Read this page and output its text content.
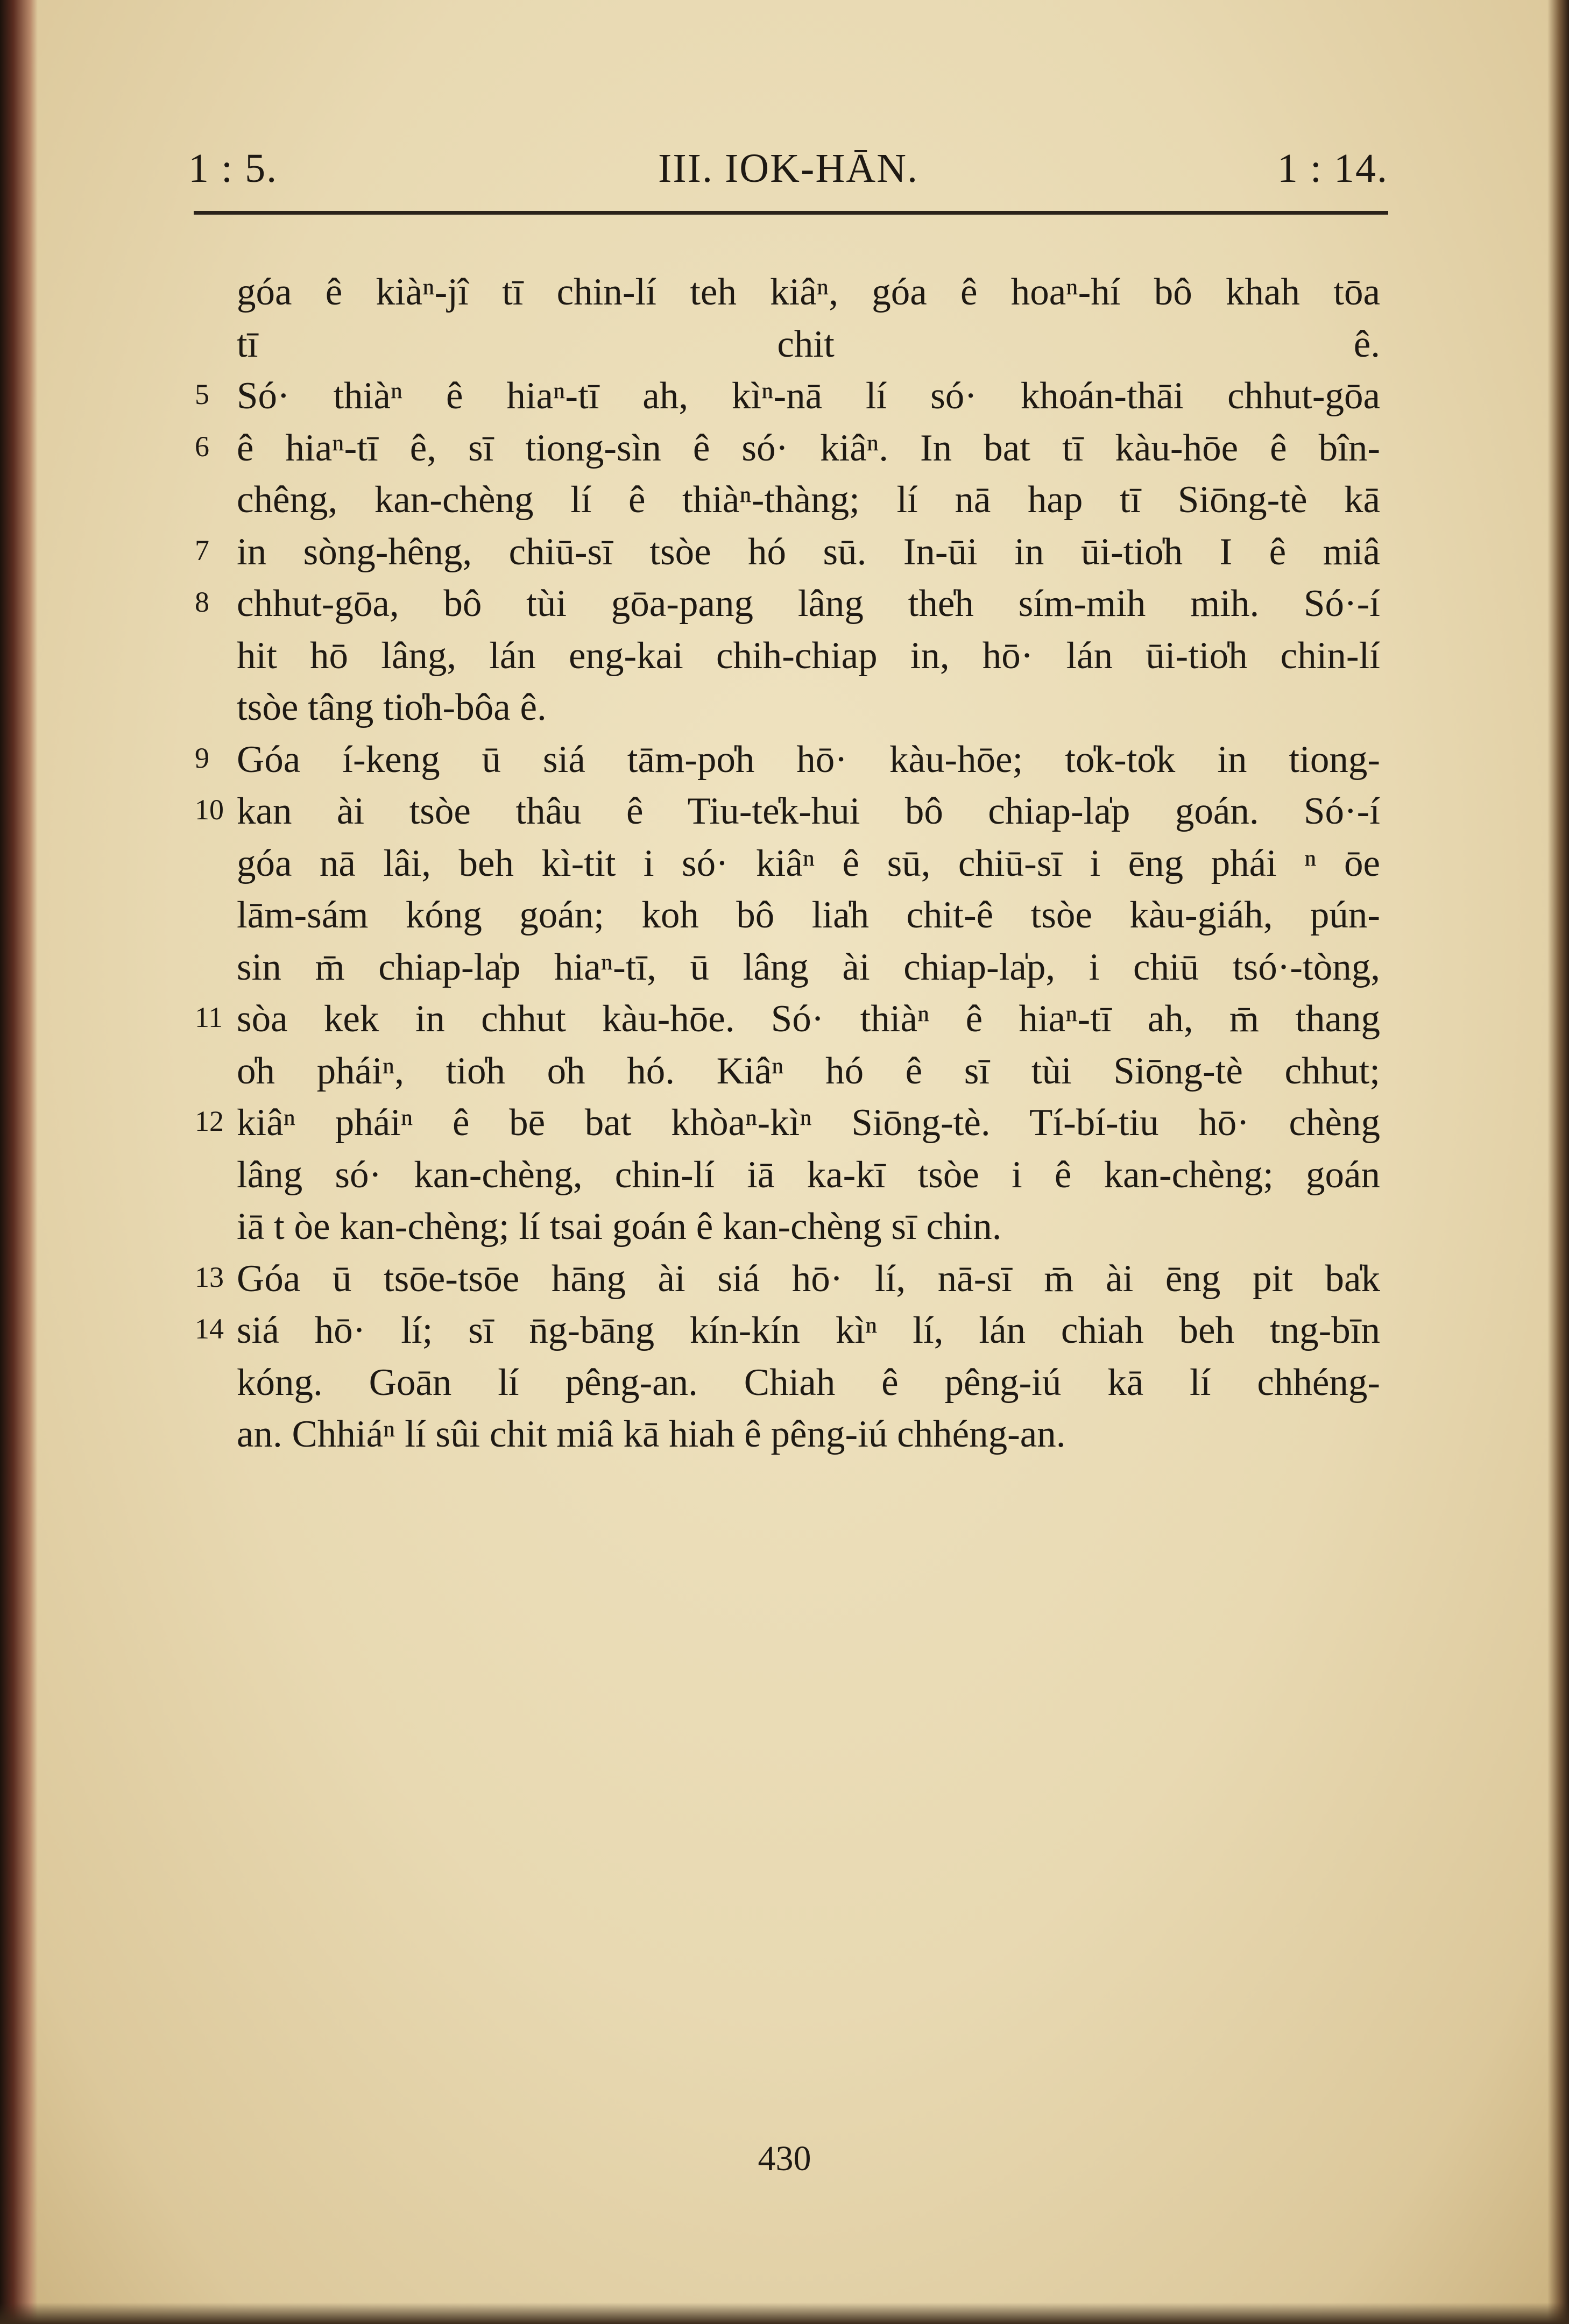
1 : 5.	III. IOK-HĀN.	1 : 14.
góa ê kiàⁿ-jî tī chin-lí teh kiâⁿ, góa ê hoaⁿ-hí bô khah tōa
tī chit ê.
5 Só· thiàⁿ ê hiaⁿ-tī ah, kìⁿ-nā lí só· khoán-thāi chhut-gōa
6 ê hiaⁿ-tī ê, sī tiong-sìn ê só· kiâⁿ. In bat tī kàu-hōe ê bîn-
chêng, kan-chèng lí ê thiàⁿ-thàng; lí nā hap tī Siōng-tè kā
7 in sòng-hêng, chiū-sī tsòe hó sū. In-ūi in ūi-tio̍h I ê miâ
8 chhut-gōa, bô tùi gōa-pang lâng the̍h sím-mih mih. Só·-í
hit hō lâng, lán eng-kai chih-chiap in, hō· lán ūi-tio̍h chin-lí
tsòe tâng tio̍h-bôa ê.
9 Góa í-keng ū siá tām-po̍h hō· kàu-hōe; to̍k-to̍k in tiong-
10 kan ài tsòe thâu ê Tiu-te̍k-hui bô chiap-la̍p goán. Só·-í
góa nā lâi, beh kì-tit i só· kiâⁿ ê sū, chiū-sī i ēng phái ⁿ ōe
lām-sám kóng goán; koh bô lia̍h chit-ê tsòe kàu-giáh, pún-
sin m̄ chiap-la̍p hiaⁿ-tī, ū lâng ài chiap-la̍p, i chiū tsó·-tòng,
11 sòa kek in chhut kàu-hōe. Só· thiàⁿ ê hiaⁿ-tī ah, m̄ thang
o̍h pháiⁿ, tio̍h o̍h hó. Kiâⁿ hó ê sī tùi Siōng-tè chhut;
12 kiâⁿ pháiⁿ ê bē bat khòaⁿ-kìⁿ Siōng-tè. Tí-bí-tiu hō· chèng
lâng só· kan-chèng, chin-lí iā ka-kī tsòe i ê kan-chèng; goán
iā t òe kan-chèng; lí tsai goán ê kan-chèng sī chin.
13 Góa ū tsōe-tsōe hāng ài siá hō· lí, nā-sī m̄ ài ēng pit ba̍k
14 siá hō· lí; sī n̄g-bāng kín-kín kìⁿ lí, lán chiah beh tng-bīn
kóng. Goān lí pêng-an. Chiah ê pêng-iú kā lí chhéng-
an. Chhiáⁿ lí sûi chit miâ kā hiah ê pêng-iú chhéng-an.
430
